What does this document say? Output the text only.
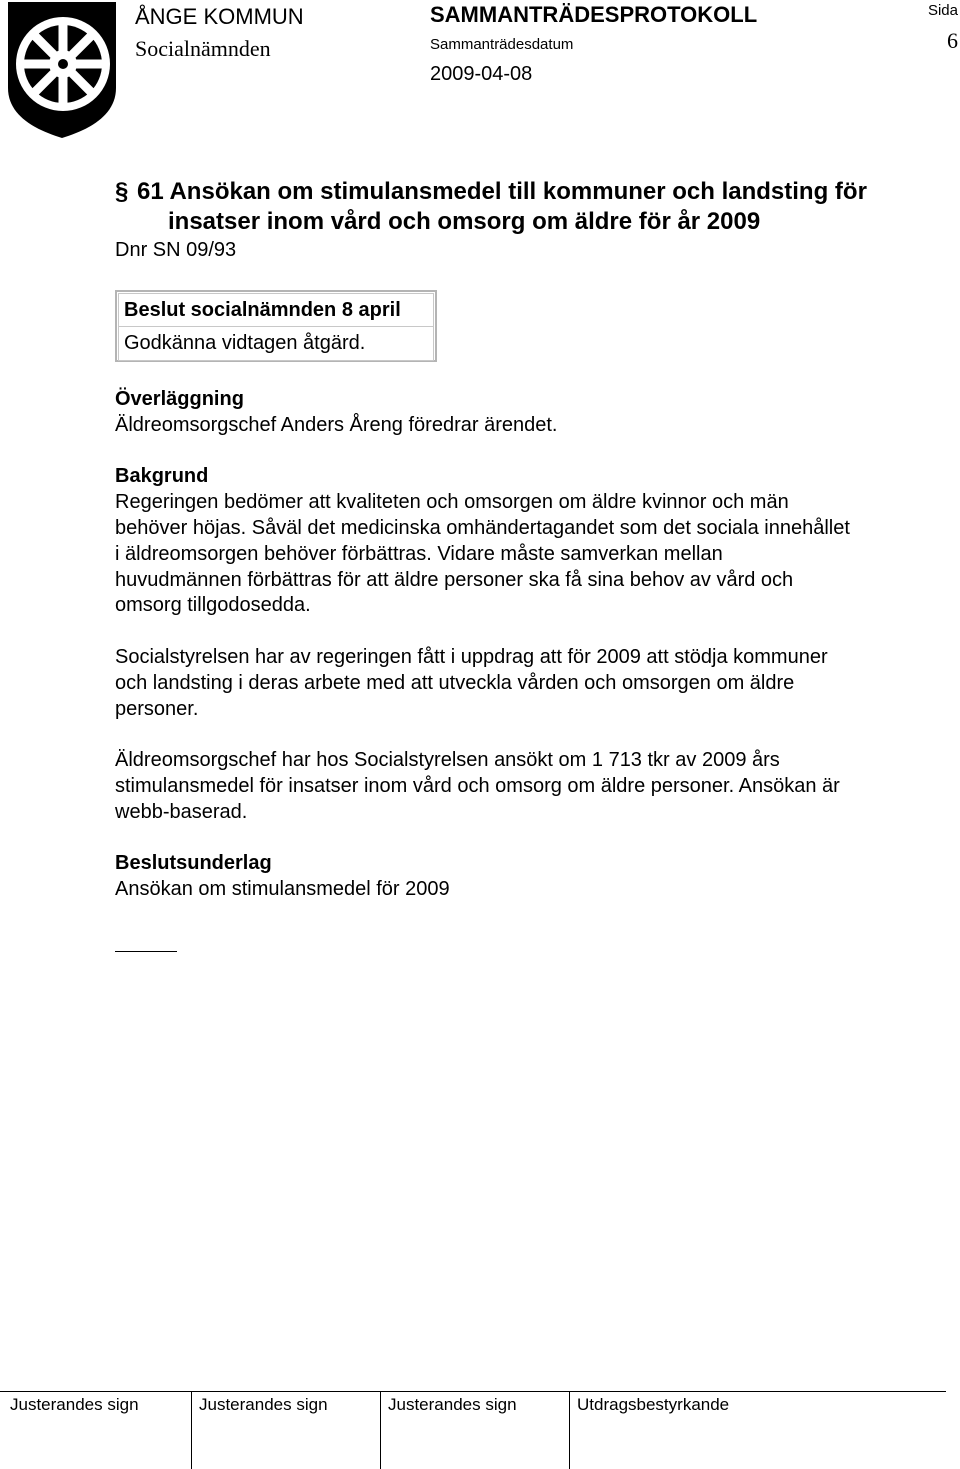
ÅNGE KOMMUN
Socialnämnden
SAMMANTRÄDESPROTOKOLL
Sammanträdesdatum
2009-04-08
Sida
6
§ 61 Ansökan om stimulansmedel till kommuner och landsting för
insatser inom vård och omsorg om äldre för år 2009
Dnr SN 09/93
Beslut socialnämnden 8 april
Godkänna vidtagen åtgärd.
Överläggning
Äldreomsorgschef Anders Åreng föredrar ärendet.
Bakgrund
Regeringen bedömer att kvaliteten och omsorgen om äldre kvinnor och män
behöver höjas. Såväl det medicinska omhändertagandet som det sociala innehållet
i äldreomsorgen behöver förbättras. Vidare måste samverkan mellan
huvudmännen förbättras för att äldre personer ska få sina behov av vård och
omsorg tillgodosedda.
Socialstyrelsen har av regeringen fått i uppdrag att för 2009 att stödja kommuner
och landsting i deras arbete med att utveckla vården och omsorgen om äldre
personer.
Äldreomsorgschef har hos Socialstyrelsen ansökt om 1 713 tkr av 2009 års
stimulansmedel för insatser inom vård och omsorg om äldre personer. Ansökan är
webb-baserad.
Beslutsunderlag
Ansökan om stimulansmedel för 2009
Justerandes sign	Justerandes sign	Justerandes sign	Utdragsbestyrkande
